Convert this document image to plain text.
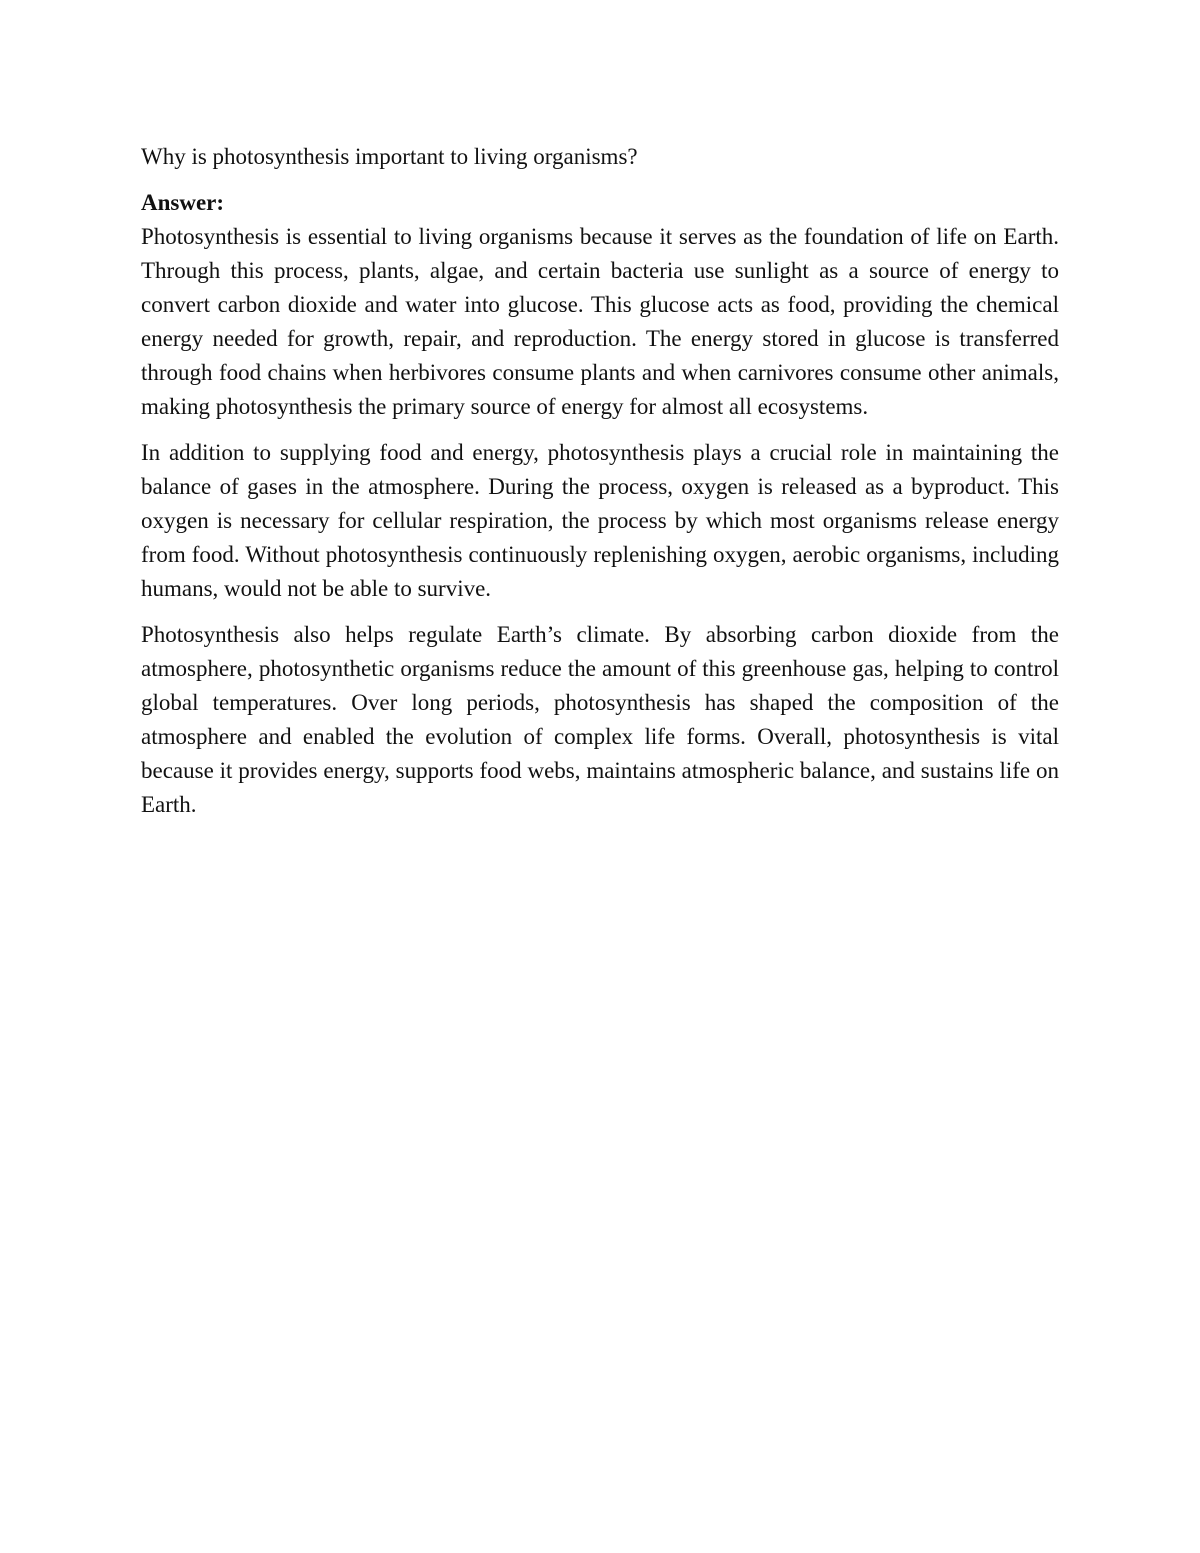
Why is photosynthesis important to living organisms?

Answer:

Photosynthesis is essential to living organisms because it serves as the foundation of life on Earth. Through this process, plants, algae, and certain bacteria use sunlight as a source of energy to convert carbon dioxide and water into glucose. This glucose acts as food, providing the chemical energy needed for growth, repair, and reproduction. The energy stored in glucose is transferred through food chains when herbivores consume plants and when carnivores consume other animals, making photosynthesis the primary source of energy for almost all ecosystems.

In addition to supplying food and energy, photosynthesis plays a crucial role in maintaining the balance of gases in the atmosphere. During the process, oxygen is released as a byproduct. This oxygen is necessary for cellular respiration, the process by which most organisms release energy from food. Without photosynthesis continuously replenishing oxygen, aerobic organisms, including humans, would not be able to survive.

Photosynthesis also helps regulate Earth’s climate. By absorbing carbon dioxide from the atmosphere, photosynthetic organisms reduce the amount of this greenhouse gas, helping to control global temperatures. Over long periods, photosynthesis has shaped the composition of the atmosphere and enabled the evolution of complex life forms. Overall, photosynthesis is vital because it provides energy, supports food webs, maintains atmospheric balance, and sustains life on Earth.
